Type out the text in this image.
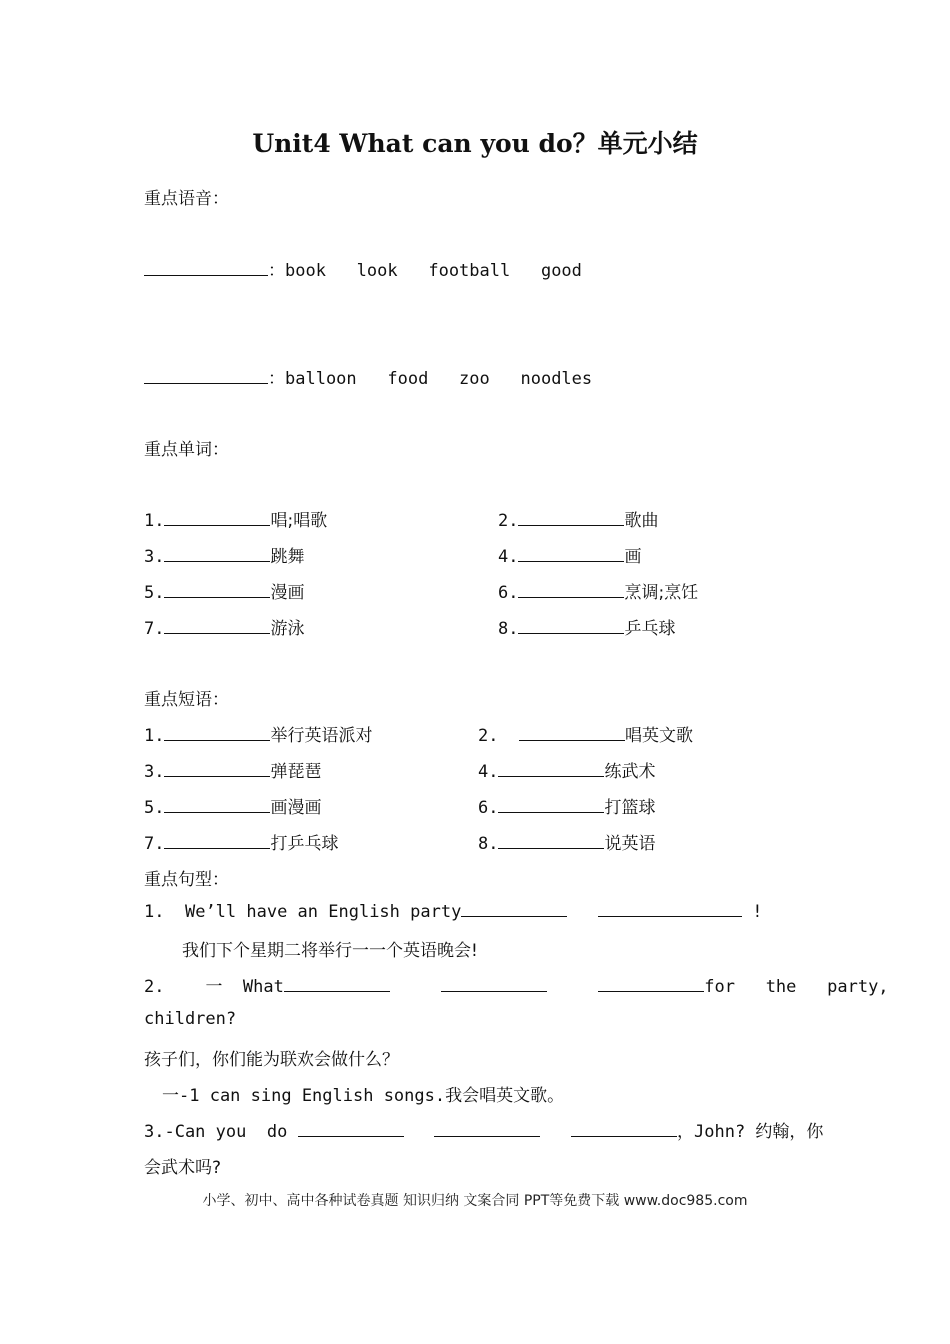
Unit4 What can you do？单元小结
重点语音：
：book look football good
：balloon food zoo noodles
重点单词：
1.	唱;唱歌	2.	歌曲
3.	跳舞	4.	画
5.	漫画	6.	烹调;烹饪
7.	游泳	8.	乒乓球
重点短语：
1.	举行英语派对	2.	唱英文歌
3.	弹琵琶	4.	练武术
5.	画漫画	6.	打篮球
7.	打乒乓球	8.	说英语
重点句型：
1. We’ll have an English party	!
我们下个星期二将举行一一个英语晚会!
2. 一 What	for the party,
children?
孩子们，你们能为联欢会做什么？
一-1 can sing English songs.我会唱英文歌。
3.-Can you do	，John? 约翰，你
会武术吗?
小学、初中、高中各种试卷真题 知识归纳 文案合同 PPT等免费下载 www.doc985.com
